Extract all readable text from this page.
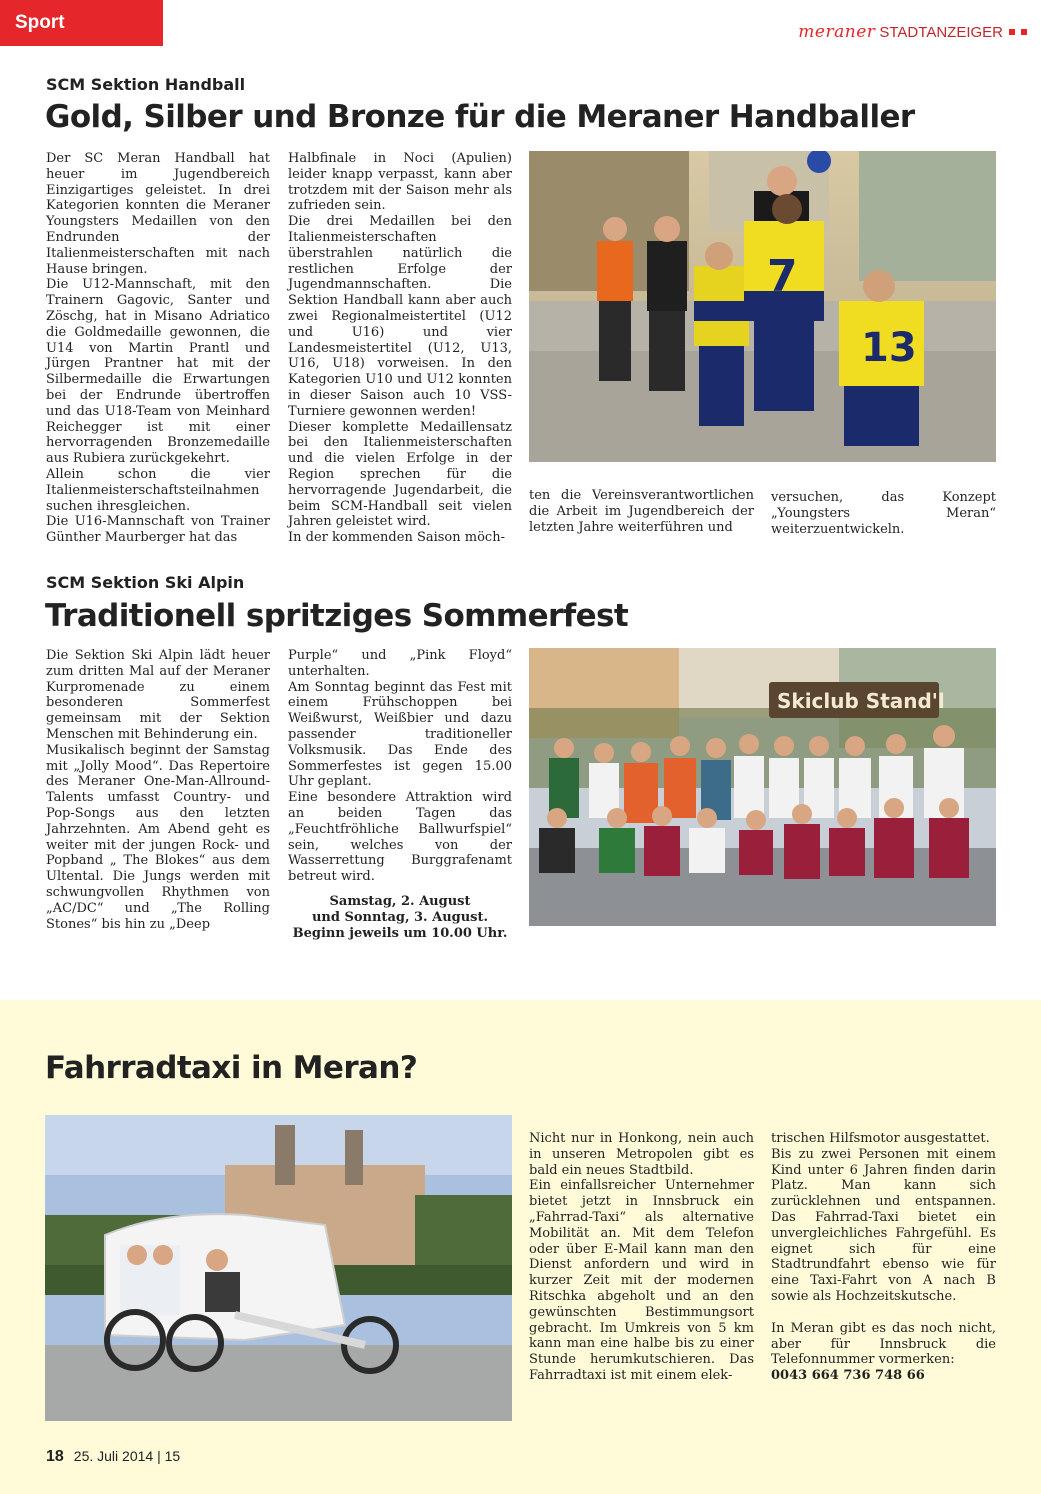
Sport	meraner STADTANZEIGER
SCM Sektion Handball
Gold, Silber und Bronze für die Meraner Handballer

Der SC Meran Handball hat heuer im Jugendbereich Einzigartiges geleistet. In drei Kategorien konnten die Meraner Youngsters Medaillen von den Endrunden der Italienmeisterschaften mit nach Hause bringen.

Die U12-Mannschaft, mit den Trainern Gagovic, Santer und Zöschg, hat in Misano Adriatico die Goldmedaille gewonnen, die U14 von Martin Prantl und Jürgen Prantner hat mit der Silbermedaille die Erwartungen bei der Endrunde übertroffen und das U18-Team von Meinhard Reichegger ist mit einer hervorragenden Bronzemedaille aus Rubiera zurückgekehrt.

Allein schon die vier Italienmeisterschaftsteilnahmen suchen ihresgleichen.

Die U16-Mannschaft von Trainer Günther Maurberger hat das

Halbfinale in Noci (Apulien) leider knapp verpasst, kann aber trotzdem mit der Saison mehr als zufrieden sein.

Die drei Medaillen bei den Italienmeisterschaften überstrahlen natürlich die restlichen Erfolge der Jugendmannschaften. Die Sektion Handball kann aber auch zwei Regionalmeistertitel (U12 und U16) und vier Landesmeistertitel (U12, U13, U16, U18) vorweisen. In den Kategorien U10 und U12 konnten in dieser Saison auch 10 VSS-Turniere gewonnen werden!

Dieser komplette Medaillensatz bei den Italienmeisterschaften und die vielen Erfolge in der Region sprechen für die hervorragende Jugendarbeit, die beim SCM-Handball seit vielen Jahren geleistet wird.

In der kommenden Saison möch-

7
13

ten die Vereinsverantwortlichen die Arbeit im Jugendbereich der letzten Jahre weiterführen und

versuchen, das Konzept „Youngsters Meran“ weiterzuentwickeln.

SCM Sektion Ski Alpin
Traditionell spritziges Sommerfest

Die Sektion Ski Alpin lädt heuer zum dritten Mal auf der Meraner Kurpromenade zu einem besonderen Sommerfest gemeinsam mit der Sektion Menschen mit Behinderung ein.

Musikalisch beginnt der Samstag mit „Jolly Mood“. Das Repertoire des Meraner One-Man-Allround-Talents umfasst Country- und Pop-Songs aus den letzten Jahrzehnten. Am Abend geht es weiter mit der jungen Rock- und Popband „ The Blokes“ aus dem Ultental. Die Jungs werden mit schwungvollen Rhythmen von „AC/DC“ und „The Rolling Stones“ bis hin zu „Deep

Purple“ und „Pink Floyd“ unterhalten.

Am Sonntag beginnt das Fest mit einem Frühschoppen bei Weißwurst, Weißbier und dazu passender traditioneller Volksmusik. Das Ende des Sommerfestes ist gegen 15.00 Uhr geplant.

Eine besondere Attraktion wird an beiden Tagen das „Feuchtfröhliche Ballwurfspiel“ sein, welches von der Wasserrettung Burggrafenamt betreut wird.

Samstag, 2. August
und Sonntag, 3. August.
Beginn jeweils um 10.00 Uhr.

Skiclub Stand'l
Fahrradtaxi in Meran?

Nicht nur in Honkong, nein auch in unseren Metropolen gibt es bald ein neues Stadtbild.

Ein einfallsreicher Unternehmer bietet jetzt in Innsbruck ein „Fahrrad-Taxi“ als alternative Mobilität an. Mit dem Telefon oder über E-Mail kann man den Dienst anfordern und wird in kurzer Zeit mit der modernen Ritschka abgeholt und an den gewünschten Bestimmungsort gebracht. Im Umkreis von 5 km kann man eine halbe bis zu einer Stunde herumkutschieren. Das Fahrradtaxi ist mit einem elek-

trischen Hilfsmotor ausgestattet.

Bis zu zwei Personen mit einem Kind unter 6 Jahren finden darin Platz. Man kann sich zurücklehnen und entspannen. Das Fahrrad-Taxi bietet ein unvergleichliches Fahrgefühl. Es eignet sich für eine Stadtrundfahrt ebenso wie für eine Taxi-Fahrt von A nach B sowie als Hochzeitskutsche.

In Meran gibt es das noch nicht, aber für Innsbruck die Telefonnummer vormerken:

0043 664 736 748 66

18 25. Juli 2014 | 15
